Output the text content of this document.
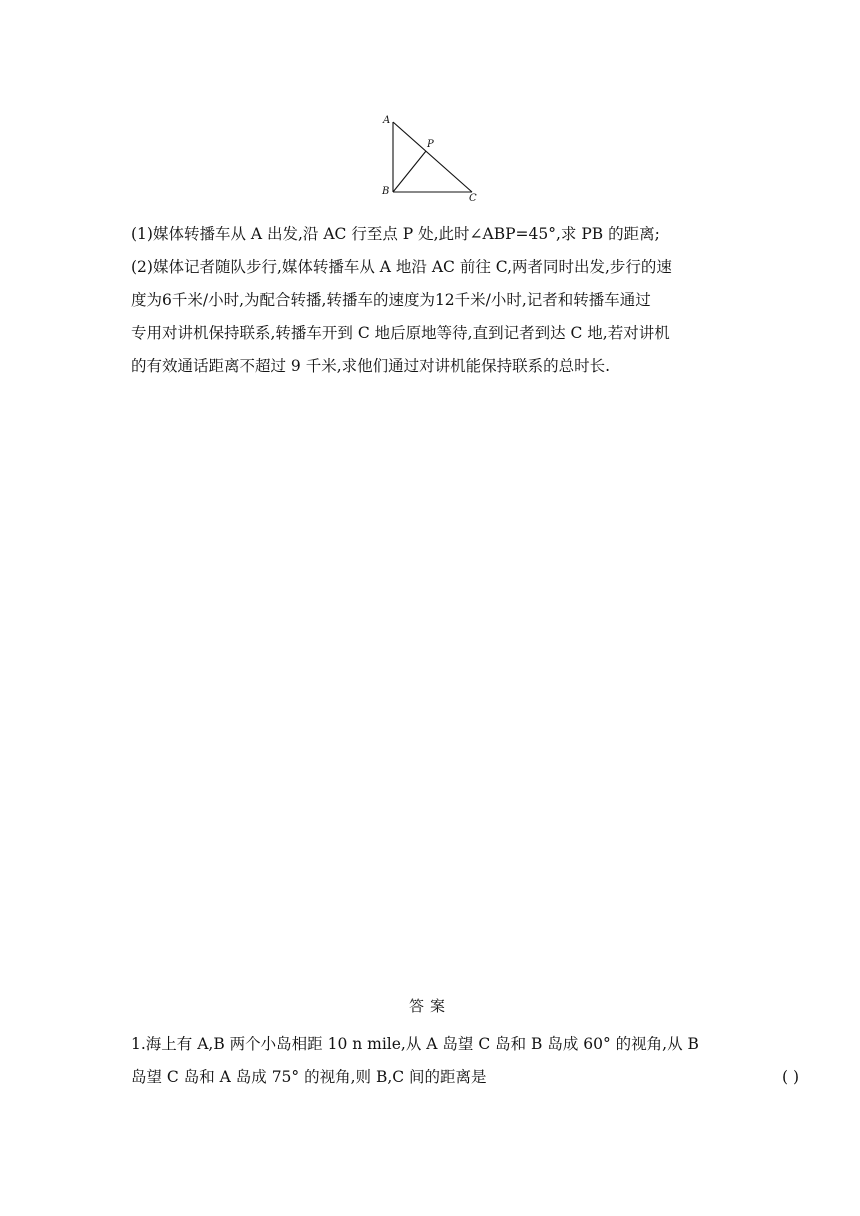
A
B
C
P
(1)媒体转播车从 A 出发,沿 AC 行至点 P 处,此时∠ABP=45°,求 PB 的距离;
(2)媒体记者随队步行,媒体转播车从 A 地沿 AC 前往 C,两者同时出发,步行的速
度为6千米/小时,为配合转播,转播车的速度为12千米/小时,记者和转播车通过
专用对讲机保持联系,转播车开到 C 地后原地等待,直到记者到达 C 地,若对讲机
的有效通话距离不超过 9 千米,求他们通过对讲机能保持联系的总时长.
答案
1.海上有 A,B 两个小岛相距 10 n mile,从 A 岛望 C 岛和 B 岛成 60° 的视角,从 B
岛望 C 岛和 A 岛成 75° 的视角,则 B,C 间的距离是	( )
